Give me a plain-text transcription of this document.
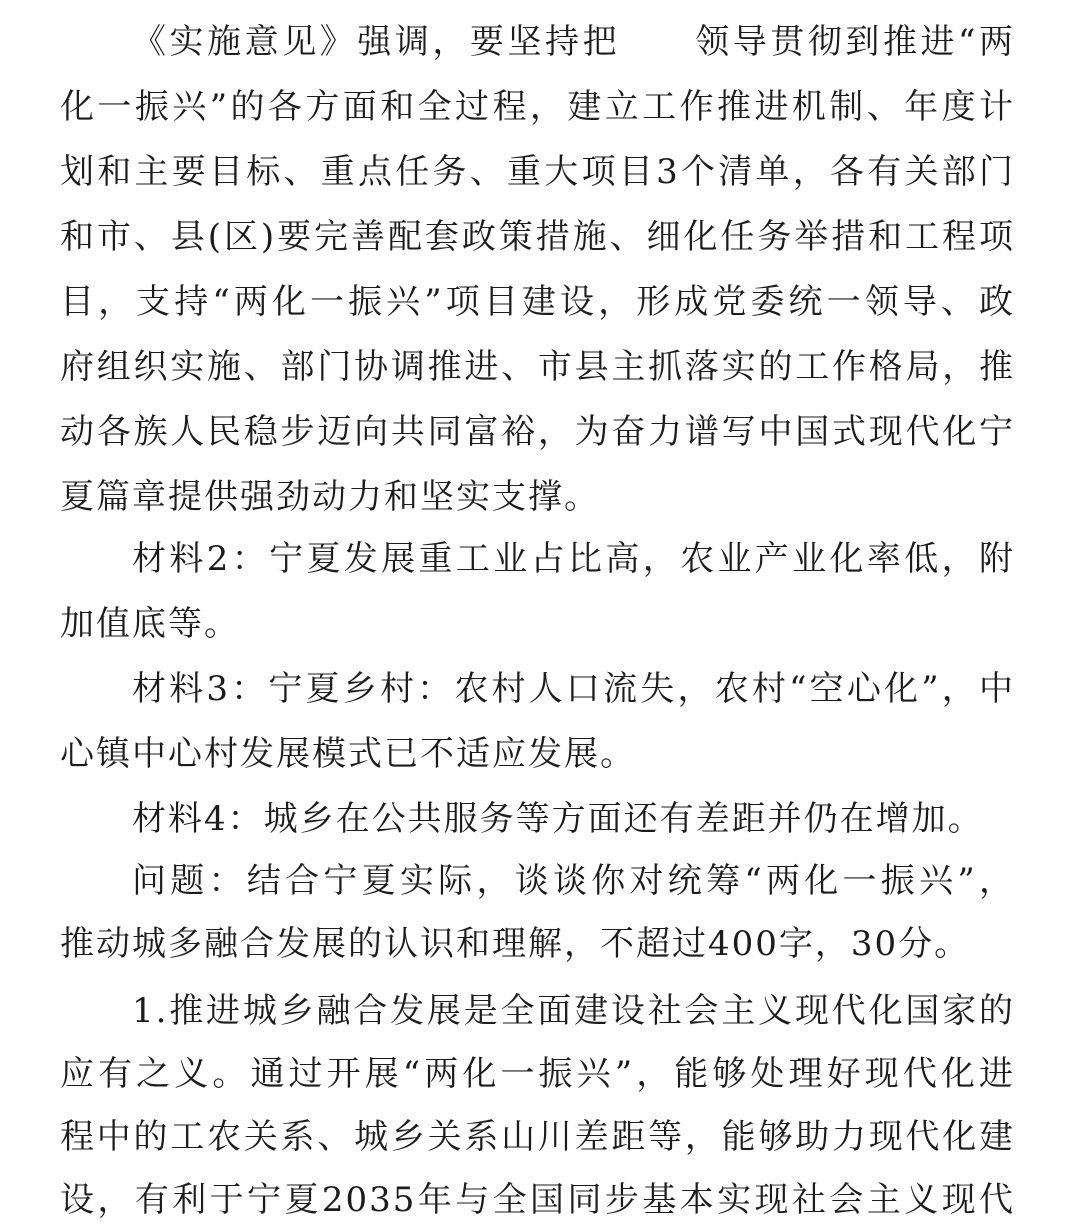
《实施意见》强调，要坚持把　　领导贯彻到推进“两
化一振兴”的各方面和全过程，建立工作推进机制、年度计
划和主要目标、重点任务、重大项目3个清单，各有关部门
和市、县(区)要完善配套政策措施、细化任务举措和工程项
目，支持“两化一振兴”项目建设，形成党委统一领导、政
府组织实施、部门协调推进、市县主抓落实的工作格局，推
动各族人民稳步迈向共同富裕，为奋力谱写中国式现代化宁
夏篇章提供强劲动力和坚实支撑。
材料2：宁夏发展重工业占比高，农业产业化率低，附
加值底等。
材料3：宁夏乡村：农村人口流失，农村“空心化”，中
心镇中心村发展模式已不适应发展。
材料4：城乡在公共服务等方面还有差距并仍在增加。
问题：结合宁夏实际，谈谈你对统筹“两化一振兴”，
推动城多融合发展的认识和理解，不超过400字，30分。
1.推进城乡融合发展是全面建设社会主义现代化国家的
应有之义。通过开展“两化一振兴”，能够处理好现代化进
程中的工农关系、城乡关系山川差距等，能够助力现代化建
设，有利于宁夏2035年与全国同步基本实现社会主义现代
